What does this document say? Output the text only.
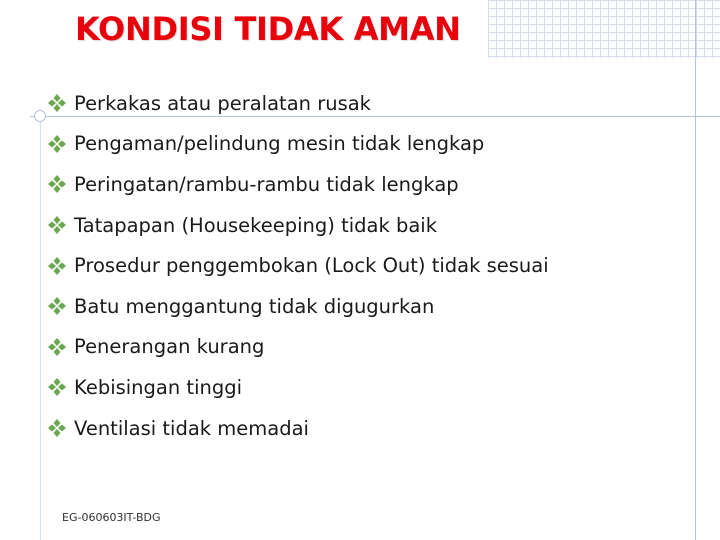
KONDISI TIDAK AMAN
Perkakas atau peralatan rusak
Pengaman/pelindung mesin tidak lengkap
Peringatan/rambu-rambu tidak lengkap
Tatapapan (Housekeeping) tidak baik
Prosedur penggembokan (Lock Out) tidak sesuai
Batu menggantung tidak digugurkan
Penerangan kurang
Kebisingan tinggi
Ventilasi tidak memadai
EG-060603IT-BDG
